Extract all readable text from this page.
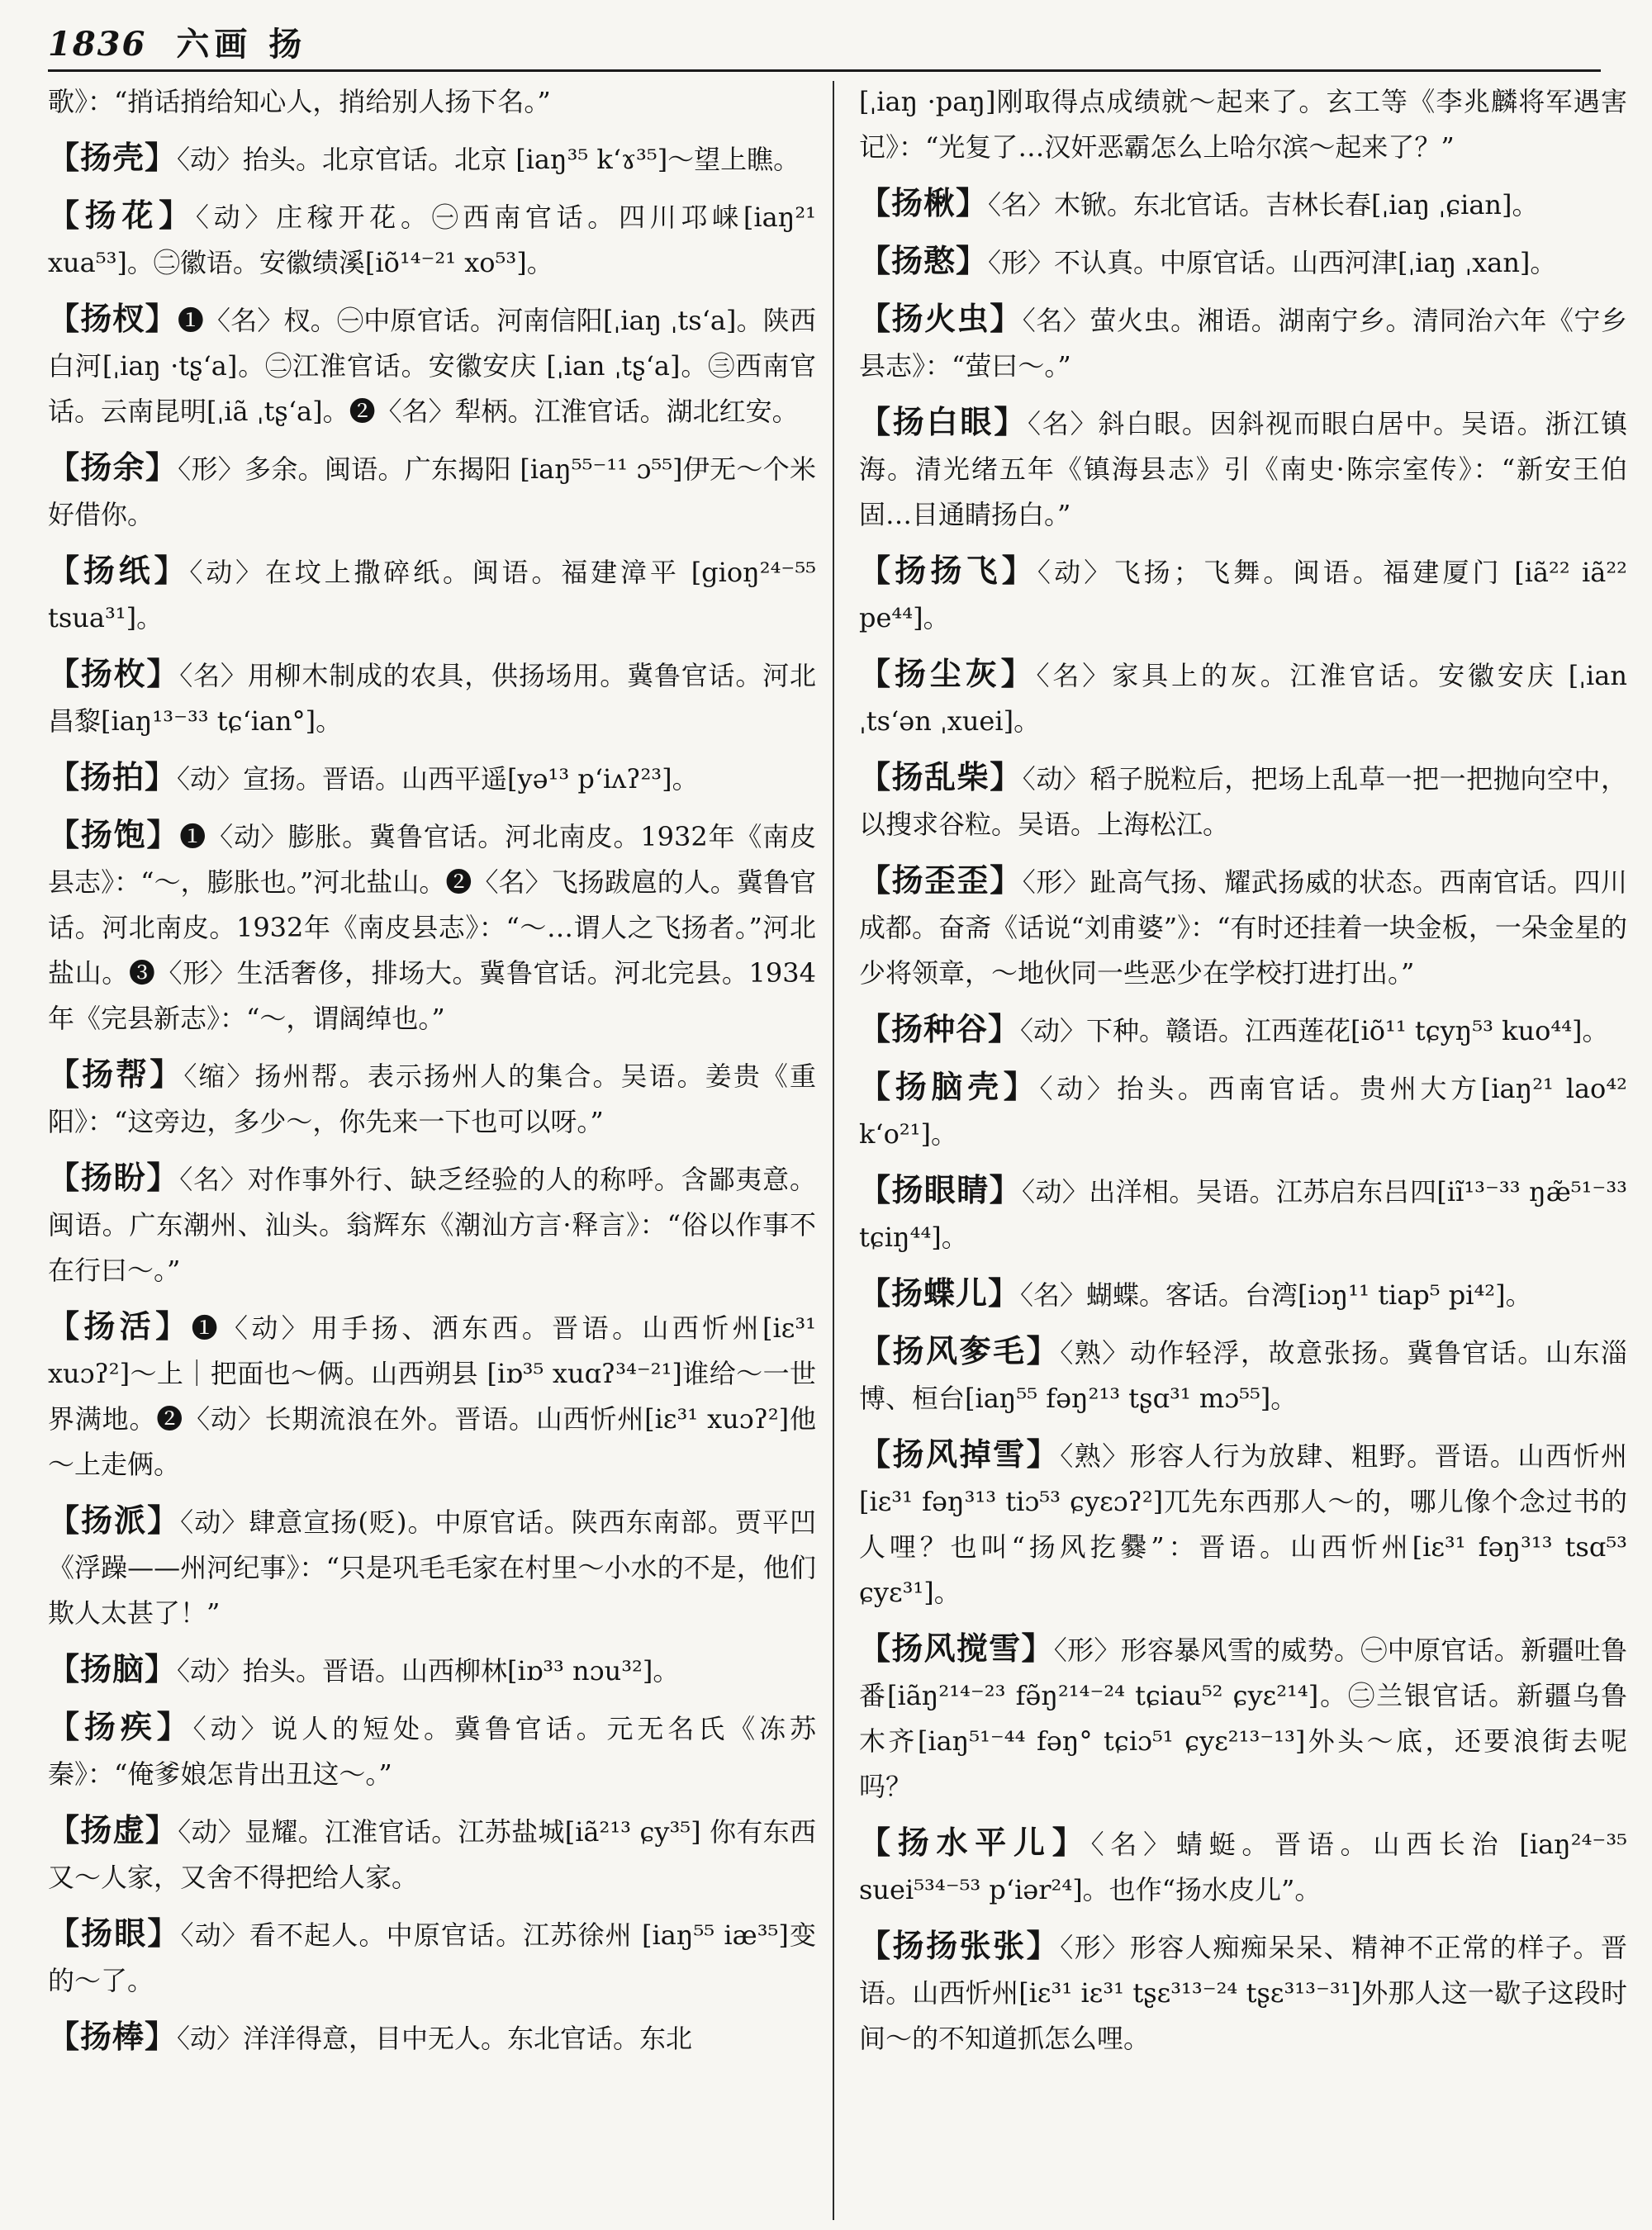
1836 六画 扬

歌》：“捎话捎给知心人，捎给别人扬下名。”

【扬壳】〈动〉抬头。北京官话。北京 [iaŋ³⁵ k‘ɤ³⁵]～望上瞧。

【扬花】〈动〉庄稼开花。㊀西南官话。四川邛崃[iaŋ²¹ xua⁵³]。㊁徽语。安徽绩溪[iõ¹⁴⁻²¹ xo⁵³]。

【扬杈】❶〈名〉杈。㊀中原官话。河南信阳[ˌiaŋ ˌts‘a]。陕西白河[ˌiaŋ ·tʂ‘a]。㊁江淮官话。安徽安庆 [ˌian ˌtʂ‘a]。㊂西南官话。云南昆明[ˌiã ˌtʂ‘a]。❷〈名〉犁柄。江淮官话。湖北红安。

【扬余】〈形〉多余。闽语。广东揭阳 [iaŋ⁵⁵⁻¹¹ ɔ⁵⁵]伊无～个米好借你。

【扬纸】〈动〉在坟上撒碎纸。闽语。福建漳平 [gioŋ²⁴⁻⁵⁵ tsua³¹]。

【扬枚】〈名〉用柳木制成的农具，供扬场用。冀鲁官话。河北昌黎[iaŋ¹³⁻³³ tɕ‘ian°]。

【扬拍】〈动〉宣扬。晋语。山西平遥[yə¹³ p‘iʌʔ²³]。

【扬饱】❶〈动〉膨胀。冀鲁官话。河北南皮。1932年《南皮县志》：“～，膨胀也。”河北盐山。❷〈名〉飞扬跋扈的人。冀鲁官话。河北南皮。1932年《南皮县志》：“～…谓人之飞扬者。”河北盐山。❸〈形〉生活奢侈，排场大。冀鲁官话。河北完县。1934年《完县新志》：“～，谓阔绰也。”

【扬帮】〈缩〉扬州帮。表示扬州人的集合。吴语。姜贵《重阳》：“这旁边，多少～，你先来一下也可以呀。”

【扬盼】〈名〉对作事外行、缺乏经验的人的称呼。含鄙夷意。闽语。广东潮州、汕头。翁辉东《潮汕方言·释言》：“俗以作事不在行曰～。”

【扬活】❶〈动〉用手扬、洒东西。晋语。山西忻州[iɛ³¹ xuɔʔ²]～上｜把面也～俩。山西朔县 [iɒ³⁵ xuɑʔ³⁴⁻²¹]谁给～一世界满地。❷〈动〉长期流浪在外。晋语。山西忻州[iɛ³¹ xuɔʔ²]他～上走俩。

【扬派】〈动〉肆意宣扬(贬)。中原官话。陕西东南部。贾平凹《浮躁——州河纪事》：“只是巩毛毛家在村里～小水的不是，他们欺人太甚了！”

【扬脑】〈动〉抬头。晋语。山西柳林[iɒ³³ nɔu³²]。

【扬疾】〈动〉说人的短处。冀鲁官话。元无名氏《冻苏秦》：“俺爹娘怎肯出丑这～。”

【扬虚】〈动〉显耀。江淮官话。江苏盐城[iã²¹³ ɕy³⁵] 你有东西又～人家，又舍不得把给人家。

【扬眼】〈动〉看不起人。中原官话。江苏徐州 [iaŋ⁵⁵ iæ³⁵]变的～了。

【扬棒】〈动〉洋洋得意，目中无人。东北官话。东北

[ˌiaŋ ·paŋ]刚取得点成绩就～起来了。玄工等《李兆麟将军遇害记》：“光复了…汉奸恶霸怎么上哈尔滨～起来了？”

【扬楸】〈名〉木锨。东北官话。吉林长春[ˌiaŋ ˌɕian]。

【扬憨】〈形〉不认真。中原官话。山西河津[ˌiaŋ ˌxan]。

【扬火虫】〈名〉萤火虫。湘语。湖南宁乡。清同治六年《宁乡县志》：“萤曰～。”

【扬白眼】〈名〉斜白眼。因斜视而眼白居中。吴语。浙江镇海。清光绪五年《镇海县志》引《南史·陈宗室传》：“新安王伯固…目通睛扬白。”

【扬扬飞】〈动〉飞扬；飞舞。闽语。福建厦门 [iã²² iã²² pe⁴⁴]。

【扬尘灰】〈名〉家具上的灰。江淮官话。安徽安庆 [ˌian ˌts‘ən ˌxuei]。

【扬乱柴】〈动〉稻子脱粒后，把场上乱草一把一把抛向空中，以搜求谷粒。吴语。上海松江。

【扬歪歪】〈形〉趾高气扬、耀武扬威的状态。西南官话。四川成都。奋斋《话说“刘甫婆”》：“有时还挂着一块金板，一朵金星的少将领章，～地伙同一些恶少在学校打进打出。”

【扬种谷】〈动〉下种。赣语。江西莲花[iõ¹¹ tɕyŋ⁵³ kuo⁴⁴]。

【扬脑壳】〈动〉抬头。西南官话。贵州大方[iaŋ²¹ lao⁴² k‘o²¹]。

【扬眼睛】〈动〉出洋相。吴语。江苏启东吕四[iĩ¹³⁻³³ ŋæ̃⁵¹⁻³³ tɕiŋ⁴⁴]。

【扬蝶儿】〈名〉蝴蝶。客话。台湾[iɔŋ¹¹ tiap⁵ pi⁴²]。

【扬风奓毛】〈熟〉动作轻浮，故意张扬。冀鲁官话。山东淄博、桓台[iaŋ⁵⁵ fəŋ²¹³ tʂɑ³¹ mɔ⁵⁵]。

【扬风掉雪】〈熟〉形容人行为放肆、粗野。晋语。山西忻州[iɛ³¹ fəŋ³¹³ tiɔ⁵³ ɕyɛɔʔ²]兀先东西那人～的，哪儿像个念过书的人哩？也叫“扬风扢爨”：晋语。山西忻州[iɛ³¹ fəŋ³¹³ tsɑ⁵³ ɕyɛ³¹]。

【扬风搅雪】〈形〉形容暴风雪的威势。㊀中原官话。新疆吐鲁番[iãŋ²¹⁴⁻²³ fə̃ŋ²¹⁴⁻²⁴ tɕiau⁵² ɕyɛ²¹⁴]。㊁兰银官话。新疆乌鲁木齐[iaŋ⁵¹⁻⁴⁴ fəŋ° tɕiɔ⁵¹ ɕyɛ²¹³⁻¹³]外头～底，还要浪街去呢吗？

【扬水平儿】〈名〉蜻蜓。晋语。山西长治 [iaŋ²⁴⁻³⁵ suei⁵³⁴⁻⁵³ p‘iər²⁴]。也作“扬水皮儿”。

【扬扬张张】〈形〉形容人痴痴呆呆、精神不正常的样子。晋语。山西忻州[iɛ³¹ iɛ³¹ tʂɛ³¹³⁻²⁴ tʂɛ³¹³⁻³¹]外那人这一歇子这段时间～的不知道抓怎么哩。
